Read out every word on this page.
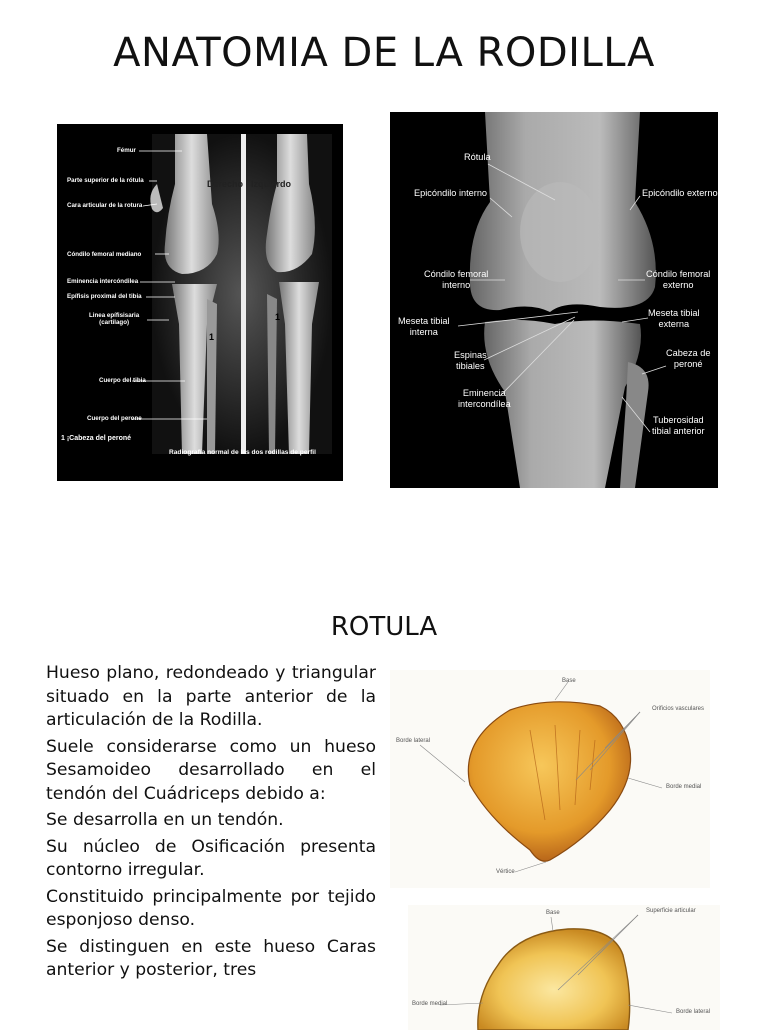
ANATOMIA DE LA RODILLA
Fémur
Parte superior de la rótula
Cara articular de la rotura
Cóndilo femoral mediano
Eminencia intercóndilea
Epífisis proximal del tibia
Linea epífisisaria
(cartilago)
Cuerpo del tibia
Cuerpo del perone
1 ¡Cabeza del peroné
Derecho Izquierdo
Radiografía normal de las dos rodillas de perfil
1
1
Rótula
Epicóndilo interno	Epicóndilo externo
Cóndilo femoral
interno
Cóndilo femoral
externo
Meseta tibial
interna
Meseta tibial
externa
Espinas
tibiales
Cabeza de
peroné
Eminencia
intercondílea
Tuberosidad
tibial anterior
ROTULA

Hueso plano, redondeado y triangular situado en la parte anterior de la articulación de la Rodilla.

Suele considerarse como un hueso Sesamoideo desarrollado en el tendón del Cuádriceps debido a:

Se desarrolla en un tendón.

Su núcleo de Osificación presenta contorno irregular.

Constituido principalmente por tejido esponjoso denso.

Se distinguen en este hueso Caras anterior y posterior, tres

Base
Orificios vasculares
Borde lateral
Borde medial
Vértice
Base	Superficie articular
Borde medial
Borde lateral
